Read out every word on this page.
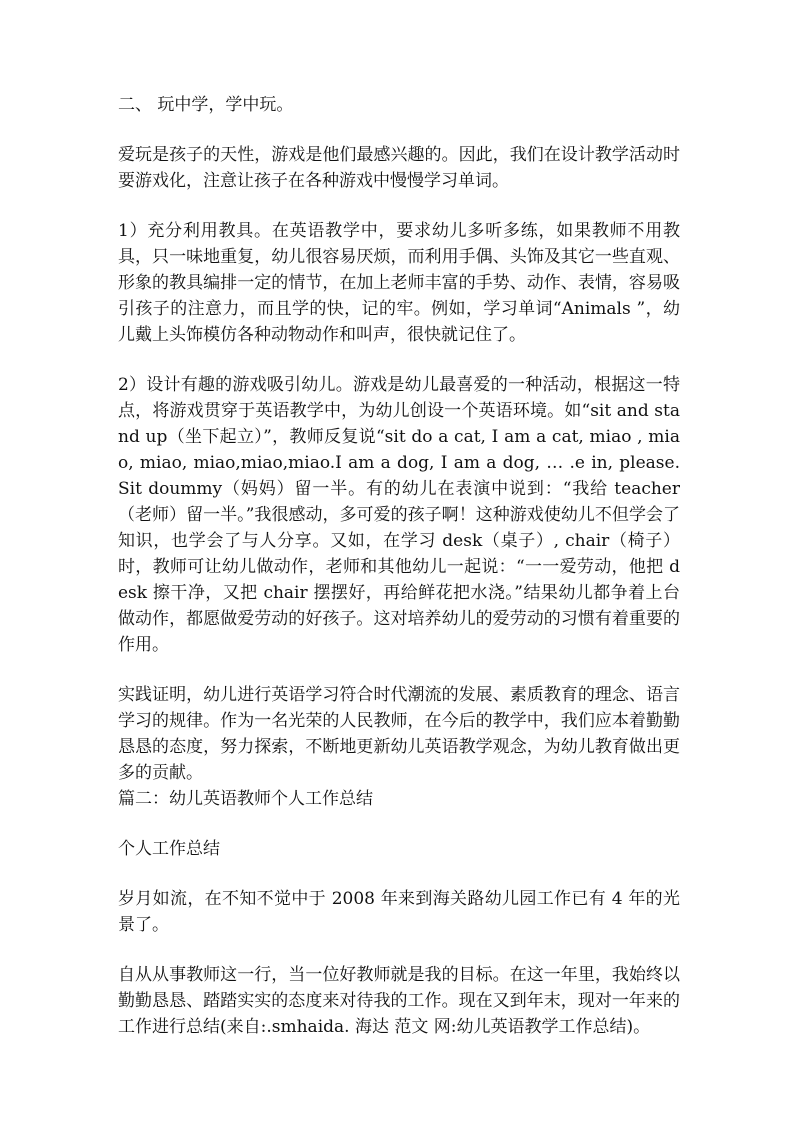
二、 玩中学，学中玩。

爱玩是孩子的天性，游戏是他们最感兴趣的。因此，我们在设计教学活动时要游戏化，注意让孩子在各种游戏中慢慢学习单词。

1）充分利用教具。在英语教学中，要求幼儿多听多练，如果教师不用教具，只一味地重复，幼儿很容易厌烦，而利用手偶、头饰及其它一些直观、形象的教具编排一定的情节，在加上老师丰富的手势、动作、表情，容易吸引孩子的注意力，而且学的快，记的牢。例如，学习单词“Animals ”，幼儿戴上头饰模仿各种动物动作和叫声，很快就记住了。

2）设计有趣的游戏吸引幼儿。游戏是幼儿最喜爱的一种活动，根据这一特点，将游戏贯穿于英语教学中，为幼儿创设一个英语环境。如“sit and stand up（坐下起立）”，教师反复说“sit do a cat, I am a cat, miao , miao, miao, miao,miao,miao.I am a dog, I am a dog, … .e in, please. Sit doummy（妈妈）留一半。有的幼儿在表演中说到：“我给 teacher（老师）留一半。”我很感动，多可爱的孩子啊！这种游戏使幼儿不但学会了知识，也学会了与人分享。又如，在学习 desk（桌子）, chair（椅子）时，教师可让幼儿做动作，老师和其他幼儿一起说：“一一爱劳动，他把 desk 擦干净，又把 chair 摆摆好，再给鲜花把水浇。”结果幼儿都争着上台做动作，都愿做爱劳动的好孩子。这对培养幼儿的爱劳动的习惯有着重要的作用。

实践证明，幼儿进行英语学习符合时代潮流的发展、素质教育的理念、语言学习的规律。作为一名光荣的人民教师，在今后的教学中，我们应本着勤勤恳恳的态度，努力探索，不断地更新幼儿英语教学观念，为幼儿教育做出更多的贡献。

篇二：幼儿英语教师个人工作总结

个人工作总结

岁月如流，在不知不觉中于 2008 年来到海关路幼儿园工作已有 4 年的光景了。

自从从事教师这一行，当一位好教师就是我的目标。在这一年里，我始终以勤勤恳恳、踏踏实实的态度来对待我的工作。现在又到年末，现对一年来的工作进行总结(来自:.smhaida. 海达 范文 网:幼儿英语教学工作总结)。
